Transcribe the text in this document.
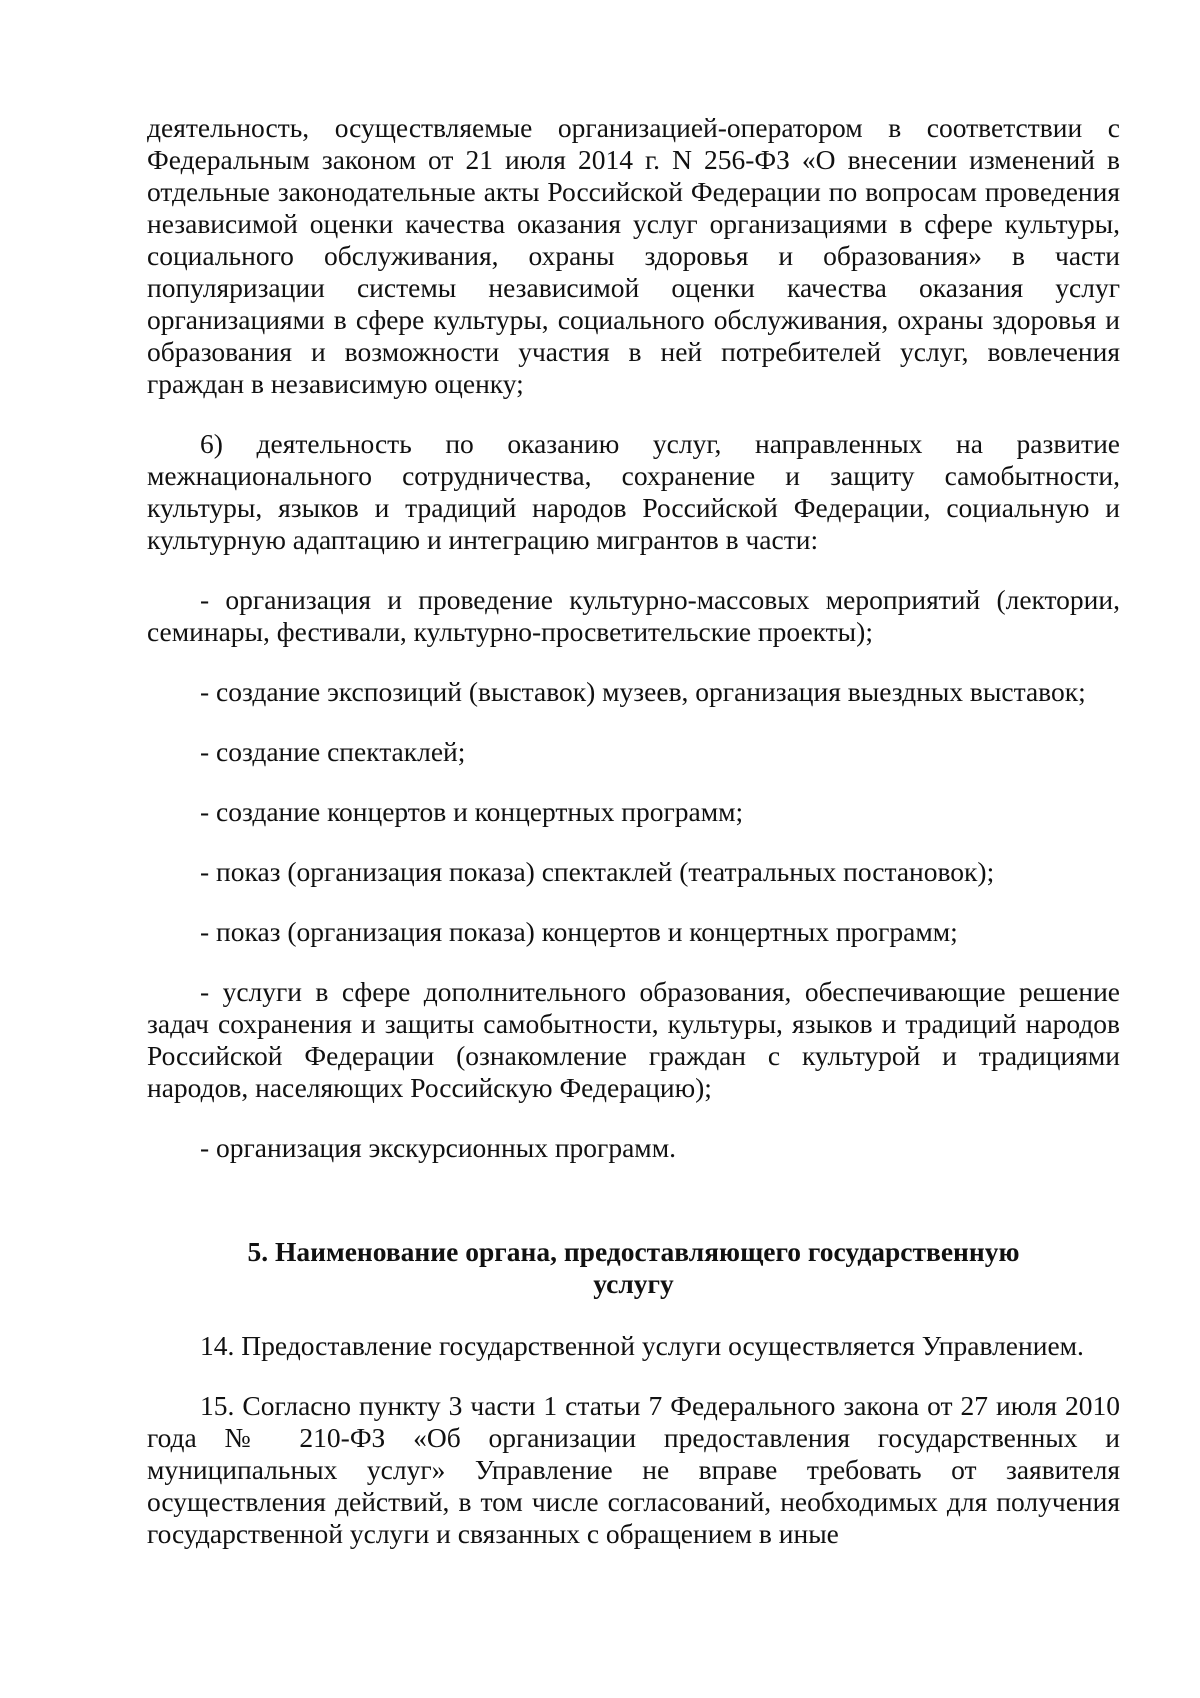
деятельность, осуществляемые организацией-оператором в соответствии с Федеральным законом от 21 июля 2014 г. N 256-ФЗ «О внесении изменений в отдельные законодательные акты Российской Федерации по вопросам проведения независимой оценки качества оказания услуг организациями в сфере культуры, социального обслуживания, охраны здоровья и образования» в части популяризации системы независимой оценки качества оказания услуг организациями в сфере культуры, социального обслуживания, охраны здоровья и образования и возможности участия в ней потребителей услуг, вовлечения граждан в независимую оценку;

6) деятельность по оказанию услуг, направленных на развитие межнационального сотрудничества, сохранение и защиту самобытности, культуры, языков и традиций народов Российской Федерации, социальную и культурную адаптацию и интеграцию мигрантов в части:

- организация и проведение культурно-массовых мероприятий (лектории, семинары, фестивали, культурно-просветительские проекты);

- создание экспозиций (выставок) музеев, организация выездных выставок;

- создание спектаклей;

- создание концертов и концертных программ;

- показ (организация показа) спектаклей (театральных постановок);

- показ (организация показа) концертов и концертных программ;

- услуги в сфере дополнительного образования, обеспечивающие решение задач сохранения и защиты самобытности, культуры, языков и традиций народов Российской Федерации (ознакомление граждан с культурой и традициями народов, населяющих Российскую Федерацию);

- организация экскурсионных программ.

5. Наименование органа, предоставляющего государственную услугу

14. Предоставление государственной услуги осуществляется Управлением.

15. Согласно пункту 3 части 1 статьи 7 Федерального закона от 27 июля 2010 года № 210-ФЗ «Об организации предоставления государственных и муниципальных услуг» Управление не вправе требовать от заявителя осуществления действий, в том числе согласований, необходимых для получения государственной услуги и связанных с обращением в иные
